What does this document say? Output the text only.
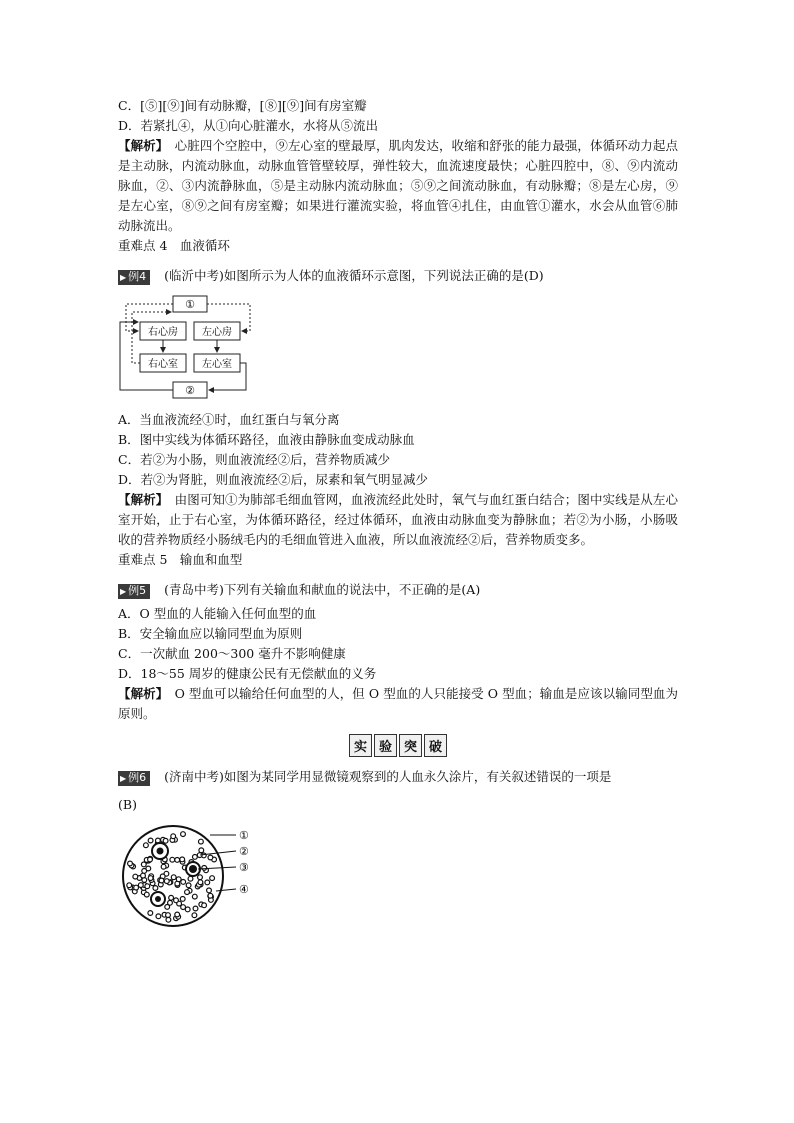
C．[⑤][⑨]间有动脉瓣，[⑧][⑨]间有房室瓣
D．若紧扎④，从①向心脏灌水，水将从⑤流出
【解析】　心脏四个空腔中，⑨左心室的壁最厚，肌肉发达，收缩和舒张的能力最强，体循环动力起点是主动脉，内流动脉血，动脉血管管壁较厚，弹性较大，血流速度最快；心脏四腔中，⑧、⑨内流动脉血，②、③内流静脉血，⑤是主动脉内流动脉血；⑤⑨之间流动脉血，有动脉瓣；⑧是左心房，⑨是左心室，⑧⑨之间有房室瓣；如果进行灌流实验，将血管④扎住，由血管①灌水，水会从血管⑥肺动脉流出。
重难点 4　血液循环
▶ 例4 (临沂中考)如图所示为人体的血液循环示意图，下列说法正确的是(D)
①
右心房 左心房
右心室 左心室
②
A．当血液流经①时，血红蛋白与氧分离
B．图中实线为体循环路径，血液由静脉血变成动脉血
C．若②为小肠，则血液流经②后，营养物质减少
D．若②为肾脏，则血液流经②后，尿素和氧气明显减少
【解析】　由图可知①为肺部毛细血管网，血液流经此处时，氧气与血红蛋白结合；图中实线是从左心室开始，止于右心室，为体循环路径，经过体循环，血液由动脉血变为静脉血；若②为小肠，小肠吸收的营养物质经小肠绒毛内的毛细血管进入血液，所以血液流经②后，营养物质变多。
重难点 5　输血和血型
▶ 例5 (青岛中考)下列有关输血和献血的说法中，不正确的是(A)
A．O 型血的人能输入任何血型的血
B．安全输血应以输同型血为原则
C．一次献血 200～300 毫升不影响健康
D．18～55 周岁的健康公民有无偿献血的义务
【解析】　O 型血可以输给任何血型的人，但 O 型血的人只能接受 O 型血；输血是应该以输同型血为原则。
实 验 突 破
▶ 例6 (济南中考)如图为某同学用显微镜观察到的人血永久涂片，有关叙述错误的一项是
(B)
①
②
③
④
